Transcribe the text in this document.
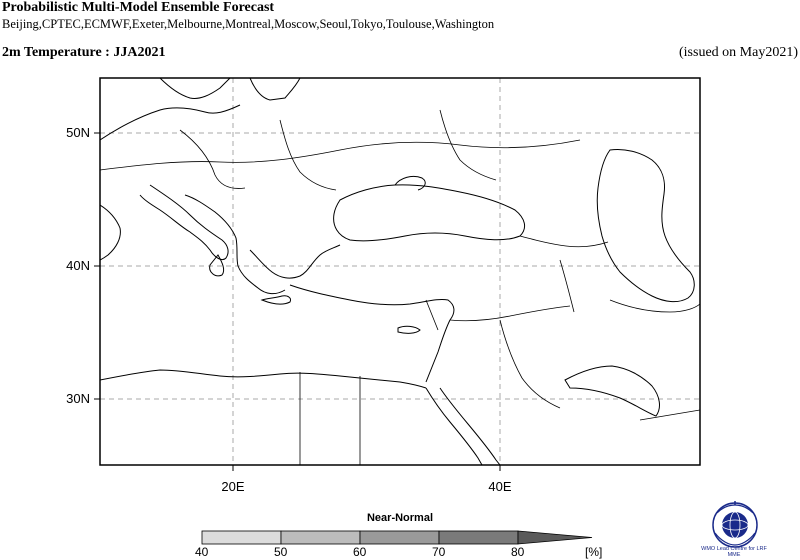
Probabilistic Multi-Model Ensemble Forecast
Beijing,CPTEC,ECMWF,Exeter,Melbourne,Montreal,Moscow,Seoul,Tokyo,Toulouse,Washington
2m Temperature : JJA2021	(issued on May2021)
50N
40N
30N
20E	40E
Near-Normal
40	50	60	70	80	[%]	WMO Lead Centre for LRF MME
